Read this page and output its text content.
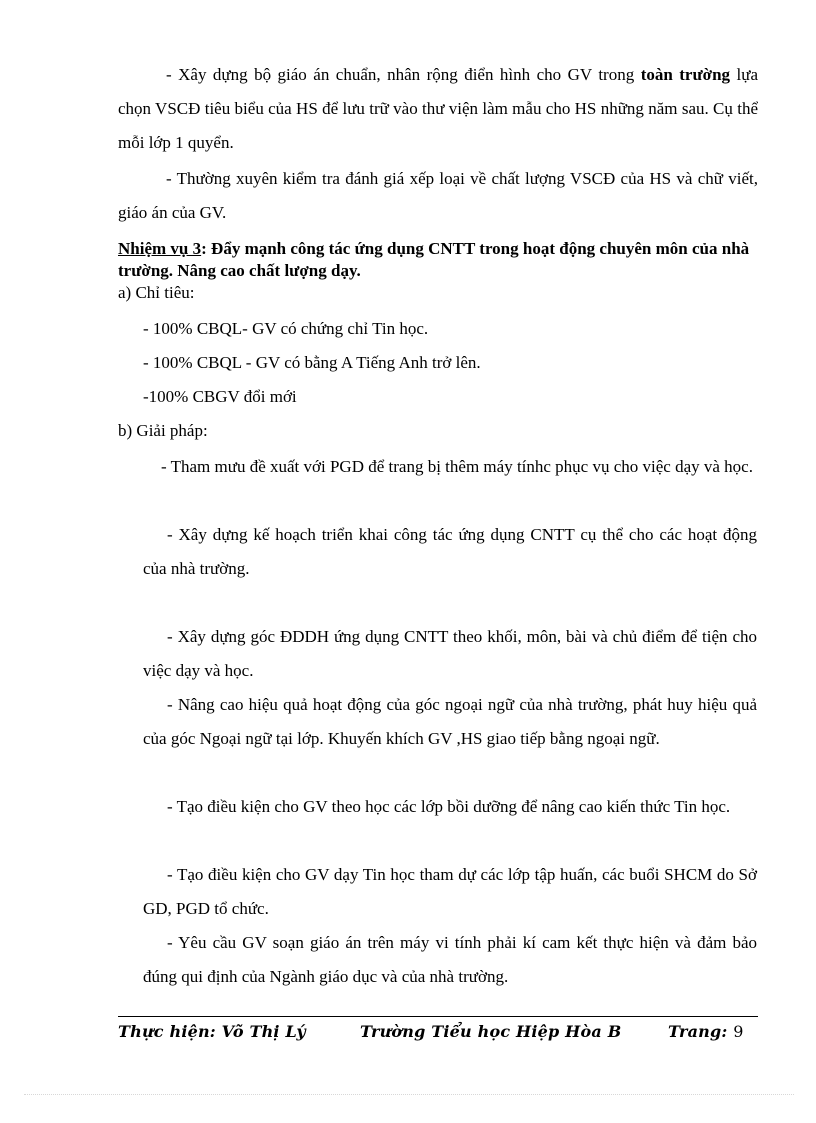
- Xây dựng bộ giáo án chuẩn, nhân rộng điển hình cho GV trong toàn trường lựa chọn VSCĐ tiêu biểu của HS để lưu trữ vào thư viện làm mẫu cho HS những năm sau. Cụ thể mỗi lớp 1 quyển.

- Thường xuyên kiểm tra đánh giá xếp loại về chất lượng VSCĐ của HS và chữ viết, giáo án của GV.

Nhiệm vụ 3: Đẩy mạnh công tác ứng dụng CNTT trong hoạt động chuyên môn của nhà trường. Nâng cao chất lượng dạy.

a) Chỉ tiêu:

- 100% CBQL- GV có chứng chỉ Tin học.

- 100% CBQL - GV có bằng A Tiếng Anh trở lên.

-100% CBGV đổi mới

b) Giải pháp:

- Tham mưu đề xuất với PGD để trang bị thêm máy tínhc phục vụ cho việc dạy và học.

- Xây dựng kế hoạch triển khai công tác ứng dụng CNTT cụ thể cho các hoạt động của nhà trường.

- Xây dựng góc ĐDDH ứng dụng CNTT theo khối, môn, bài và chủ điểm để tiện cho việc dạy và học.

- Nâng cao hiệu quả hoạt động của góc ngoại ngữ của nhà trường, phát huy hiệu quả của góc Ngoại ngữ tại lớp. Khuyến khích GV ,HS giao tiếp bằng ngoại ngữ.

- Tạo điều kiện cho GV theo học các lớp bồi dưỡng để nâng cao kiến thức Tin học.

- Tạo điều kiện cho GV dạy Tin học tham dự các lớp tập huấn, các buổi SHCM do Sở GD, PGD tổ chức.

- Yêu cầu GV soạn giáo án trên máy vi tính phải kí cam kết thực hiện và đảm bảo đúng qui định của Ngành giáo dục và của nhà trường.

Thực hiện: Võ Thị Lý	Trường Tiểu học Hiệp Hòa B	Trang: 9
